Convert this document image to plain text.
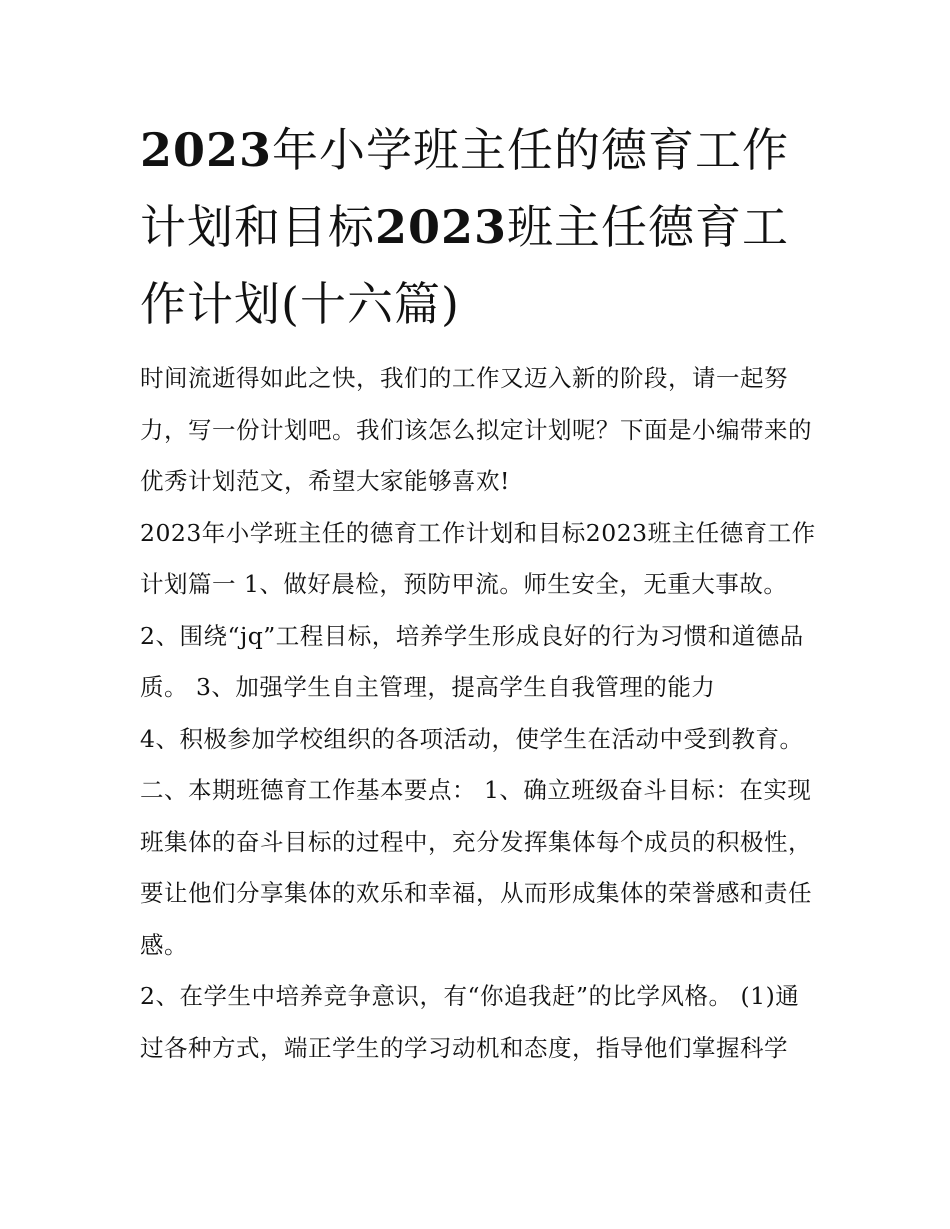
2023年小学班主任的德育工作计划和目标2023班主任德育工作计划(十六篇)

时间流逝得如此之快，我们的工作又迈入新的阶段，请一起努力，写一份计划吧。我们该怎么拟定计划呢？下面是小编带来的优秀计划范文，希望大家能够喜欢!

2023年小学班主任的德育工作计划和目标2023班主任德育工作计划篇一 1、做好晨检，预防甲流。师生安全，无重大事故。

2、围绕“jq”工程目标，培养学生形成良好的行为习惯和道德品质。 3、加强学生自主管理，提高学生自我管理的能力

4、积极参加学校组织的各项活动，使学生在活动中受到教育。 二、本期班德育工作基本要点： 1、确立班级奋斗目标：在实现班集体的奋斗目标的过程中，充分发挥集体每个成员的积极性，要让他们分享集体的欢乐和幸福，从而形成集体的荣誉感和责任感。

2、在学生中培养竞争意识，有“你追我赶”的比学风格。 (1)通过各种方式，端正学生的学习动机和态度，指导他们掌握科学
